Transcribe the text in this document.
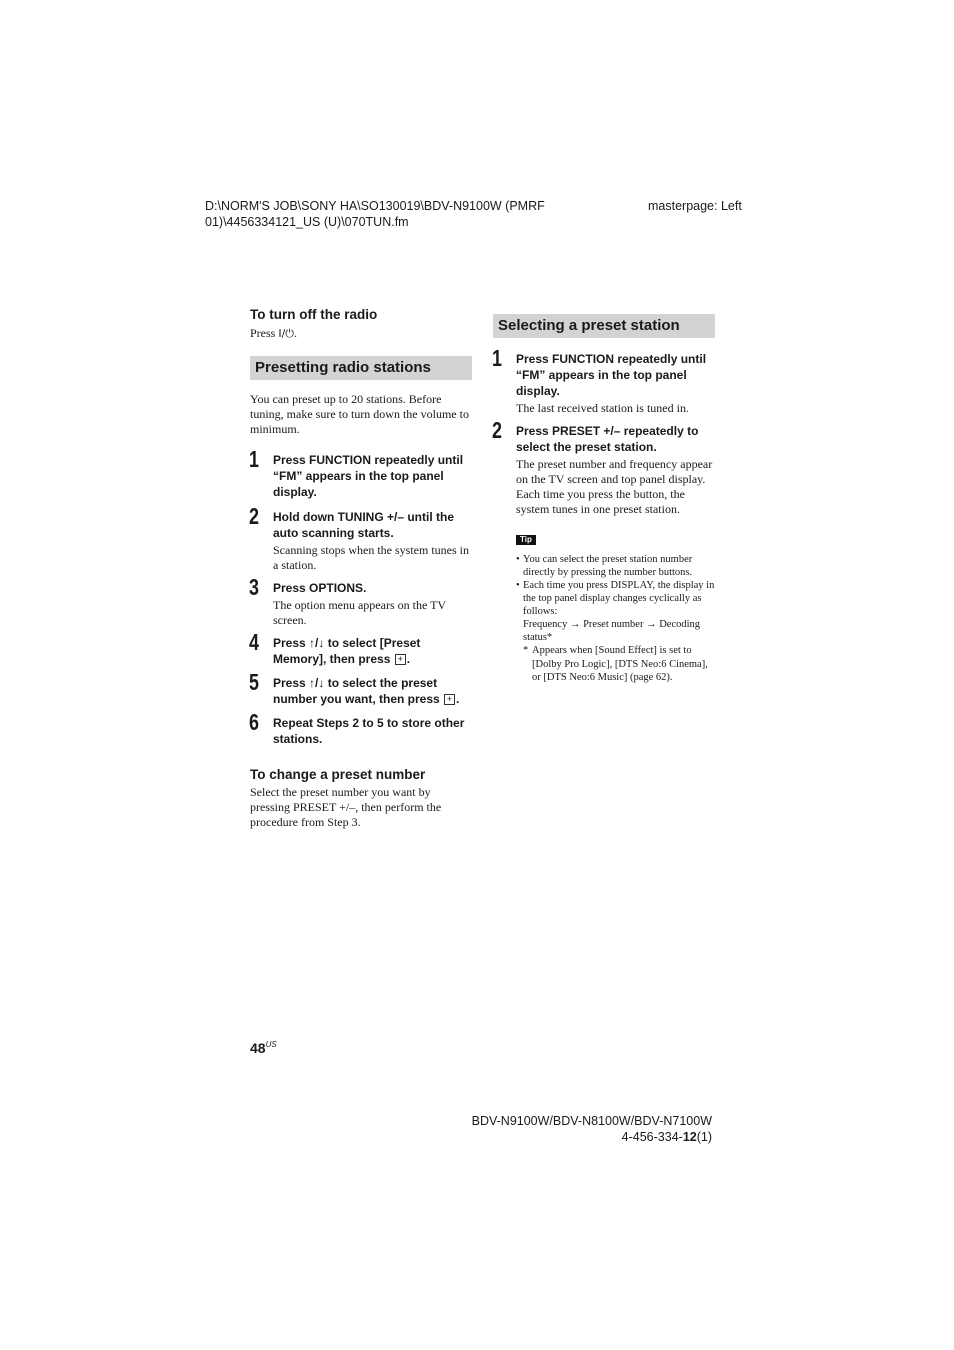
D:\NORM'S JOB\SONY HA\SO130019\BDV-N9100W (PMRF
01)\4456334121_US (U)\070TUN.fm
masterpage: Left

To turn off the radio

Press I/⏻.

Presetting radio stations

You can preset up to 20 stations. Before tuning, make sure to turn down the volume to minimum.

1 Press FUNCTION repeatedly until “FM” appears in the top panel display.

2 Hold down TUNING +/– until the auto scanning starts.

Scanning stops when the system tunes in a station.

3 Press OPTIONS.

The option menu appears on the TV screen.

4 Press ↑/↓ to select [Preset Memory], then press + .

5 Press ↑/↓ to select the preset number you want, then press + .

6 Repeat Steps 2 to 5 to store other stations.

To change a preset number

Select the preset number you want by pressing PRESET +/–, then perform the procedure from Step 3.

Selecting a preset station
1 Press FUNCTION repeatedly until “FM” appears in the top panel display.

The last received station is tuned in.

2 Press PRESET +/– repeatedly to select the preset station.

The preset number and frequency appear on the TV screen and top panel display.

Each time you press the button, the system tunes in one preset station.

Tip

• You can select the preset station number directly by pressing the number buttons.

• Each time you press DISPLAY, the display in the top panel display changes cyclically as follows:
Frequency → Preset number → Decoding status*

* Appears when [Sound Effect] is set to [Dolby Pro Logic], [DTS Neo:6 Cinema], or [DTS Neo:6 Music] (page 62).

$48^{US}$
BDV-N9100W/BDV-N8100W/BDV-N7100W
4-456-334-12(1)
